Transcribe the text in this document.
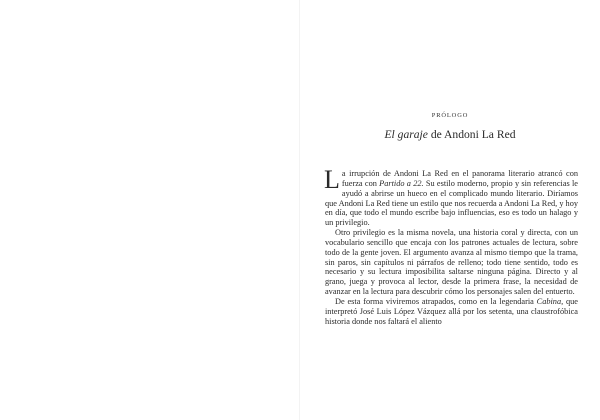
PRÓLOGO
El garaje de Andoni La Red

La irrupción de Andoni La Red en el panorama literario atrancó con fuerza con Partido a 22. Su estilo moderno, propio y sin referencias le ayudó a abrirse un hueco en el complicado mundo literario. Diríamos que Andoni La Red tiene un estilo que nos recuerda a Andoni La Red, y hoy en día, que todo el mundo escribe bajo influencias, eso es todo un halago y un privilegio.

Otro privilegio es la misma novela, una historia coral y directa, con un vocabulario sencillo que encaja con los patrones actuales de lectura, sobre todo de la gente joven. El argumento avanza al mismo tiempo que la trama, sin paros, sin capítulos ni párrafos de relleno; todo tiene sentido, todo es necesario y su lectura imposibilita saltarse ninguna página. Directo y al grano, juega y provoca al lector, desde la primera frase, la necesidad de avanzar en la lectura para descubrir cómo los personajes salen del entuerto.

De esta forma viviremos atrapados, como en la legendaria Cabina, que interpretó José Luis López Vázquez allá por los setenta, una claustrofóbica historia donde nos faltará el aliento
